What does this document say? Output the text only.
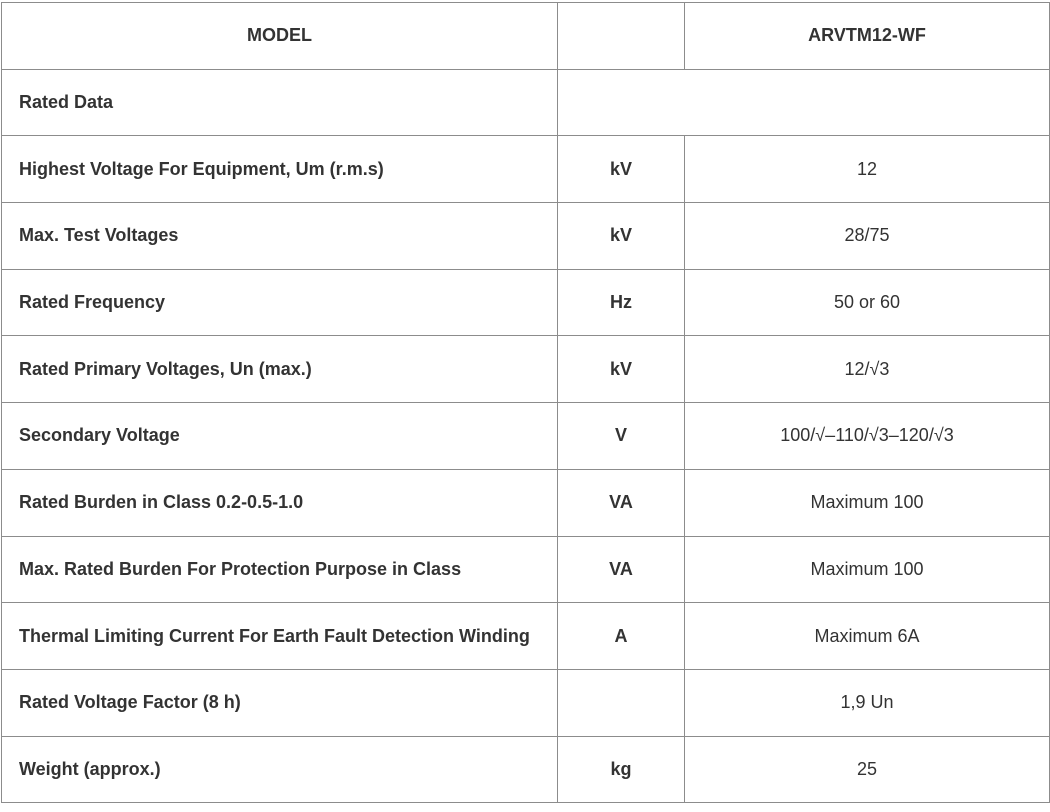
MODEL		ARVTM12-WF
Rated Data		
Highest Voltage For Equipment, Um (r.m.s)	kV	12
Max. Test Voltages	kV	28/75
Rated Frequency	Hz	50 or 60
Rated Primary Voltages, Un (max.)	kV	12/√3
Secondary Voltage	V	100/√–110/√3–120/√3
Rated Burden in Class 0.2-0.5-1.0	VA	Maximum 100
Max. Rated Burden For Protection Purpose in Class	VA	Maximum 100
Thermal Limiting Current For Earth Fault Detection Winding	A	Maximum 6A
Rated Voltage Factor (8 h)		1,9 Un
Weight (approx.)	kg	25
